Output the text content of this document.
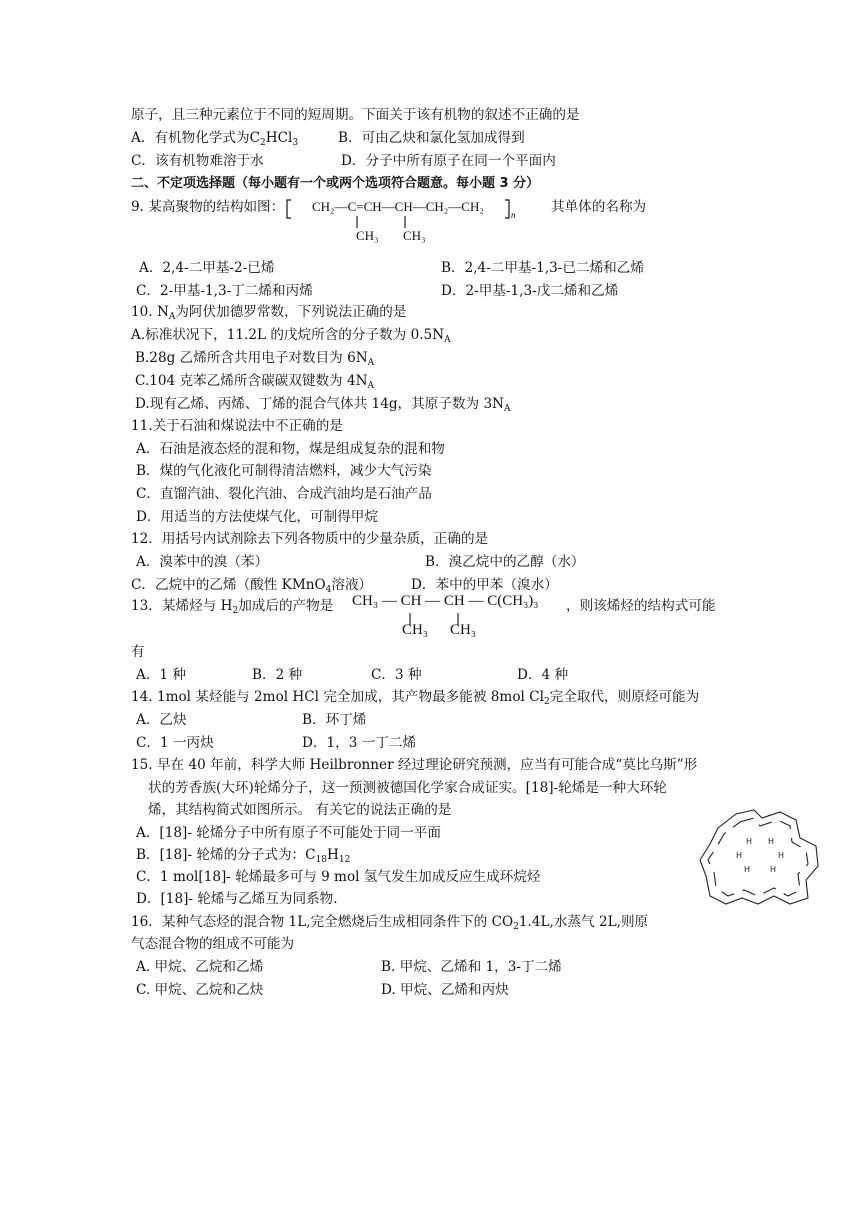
原子，且三种元素位于不同的短周期。下面关于该有机物的叙述不正确的是
A．有机物化学式为$C_2HCl_3$	B．可由乙炔和氯化氢加成得到
C．该有机物难溶于水	D．分子中所有原子在同一个平面内
二、不定项选择题（每小题有一个或两个选项符合题意。每小题 3 分）
9. 某高聚物的结构如图： CH₂—C=CH—CH—CH₂—CH₂
n
CH₃ CH₃
其单体的名称为
A．2,4-二甲基-2-已烯	B．2,4-二甲基-1,3-已二烯和乙烯
C．2-甲基-1,3-丁二烯和丙烯	D．2-甲基-1,3-戊二烯和乙烯
10. $N_A$为阿伏加德罗常数，下列说法正确的是
A.标准状况下，11.2L 的戊烷所含的分子数为 $0.5N_A$
B.28g 乙烯所含共用电子对数目为 $6N_A$
C.104 克苯乙烯所含碳碳双键数为 $4N_A$
D.现有乙烯、丙烯、丁烯的混合气体共 14g，其原子数为 $3N_A$
11.关于石油和煤说法中不正确的是
A．石油是液态烃的混和物，煤是组成复杂的混和物
B．煤的气化液化可制得清洁燃料，减少大气污染
C．直馏汽油、裂化汽油、合成汽油均是石油产品
D．用适当的方法使煤气化，可制得甲烷
12．用括号内试剂除去下列各物质中的少量杂质，正确的是
A．溴苯中的溴（苯）	B．溴乙烷中的乙醇（水）
C．乙烷中的乙烯（酸性 KMnO$_4$溶液）	D．苯中的甲苯（溴水）
13．某烯烃与 $H_2$加成后的产物是 CH₃ — CH — CH — C(CH₃)₃
CH₃ CH₃
，则该烯烃的结构式可能
有
A．1 种	B．2 种	C．3 种	D．4 种
14. 1mol 某烃能与 2mol HCl 完全加成，其产物最多能被 8mol $Cl_2$完全取代，则原烃可能为
A．乙炔	B．环丁烯
C．1 一丙炔	D．1，3 一丁二烯
15. 早在 40 年前，科学大师 Heilbronner 经过理论研究预测，应当有可能合成“莫比乌斯”形
状的芳香族(大环)轮烯分子，这一预测被德国化学家合成证实。[18]-轮烯是一种大环轮
烯，其结构简式如图所示。 有关它的说法正确的是
A．[18]- 轮烯分子中所有原子不可能处于同一平面
B．[18]- 轮烯的分子式为：$C_{18}H_{12}$
C．1 mol[18]- 轮烯最多可与 9 mol 氢气发生加成反应生成环烷烃
D．[18]- 轮烯与乙烯互为同系物.
H H
H	H
H H
16．某种气态烃的混合物 1L,完全燃烧后生成相同条件下的 $CO_21.4L$,水蒸气 2L,则原
气态混合物的组成不可能为
A. 甲烷、乙烷和乙烯	B. 甲烷、乙烯和 1，3-丁二烯
C. 甲烷、乙烷和乙炔	D. 甲烷、乙烯和丙炔
